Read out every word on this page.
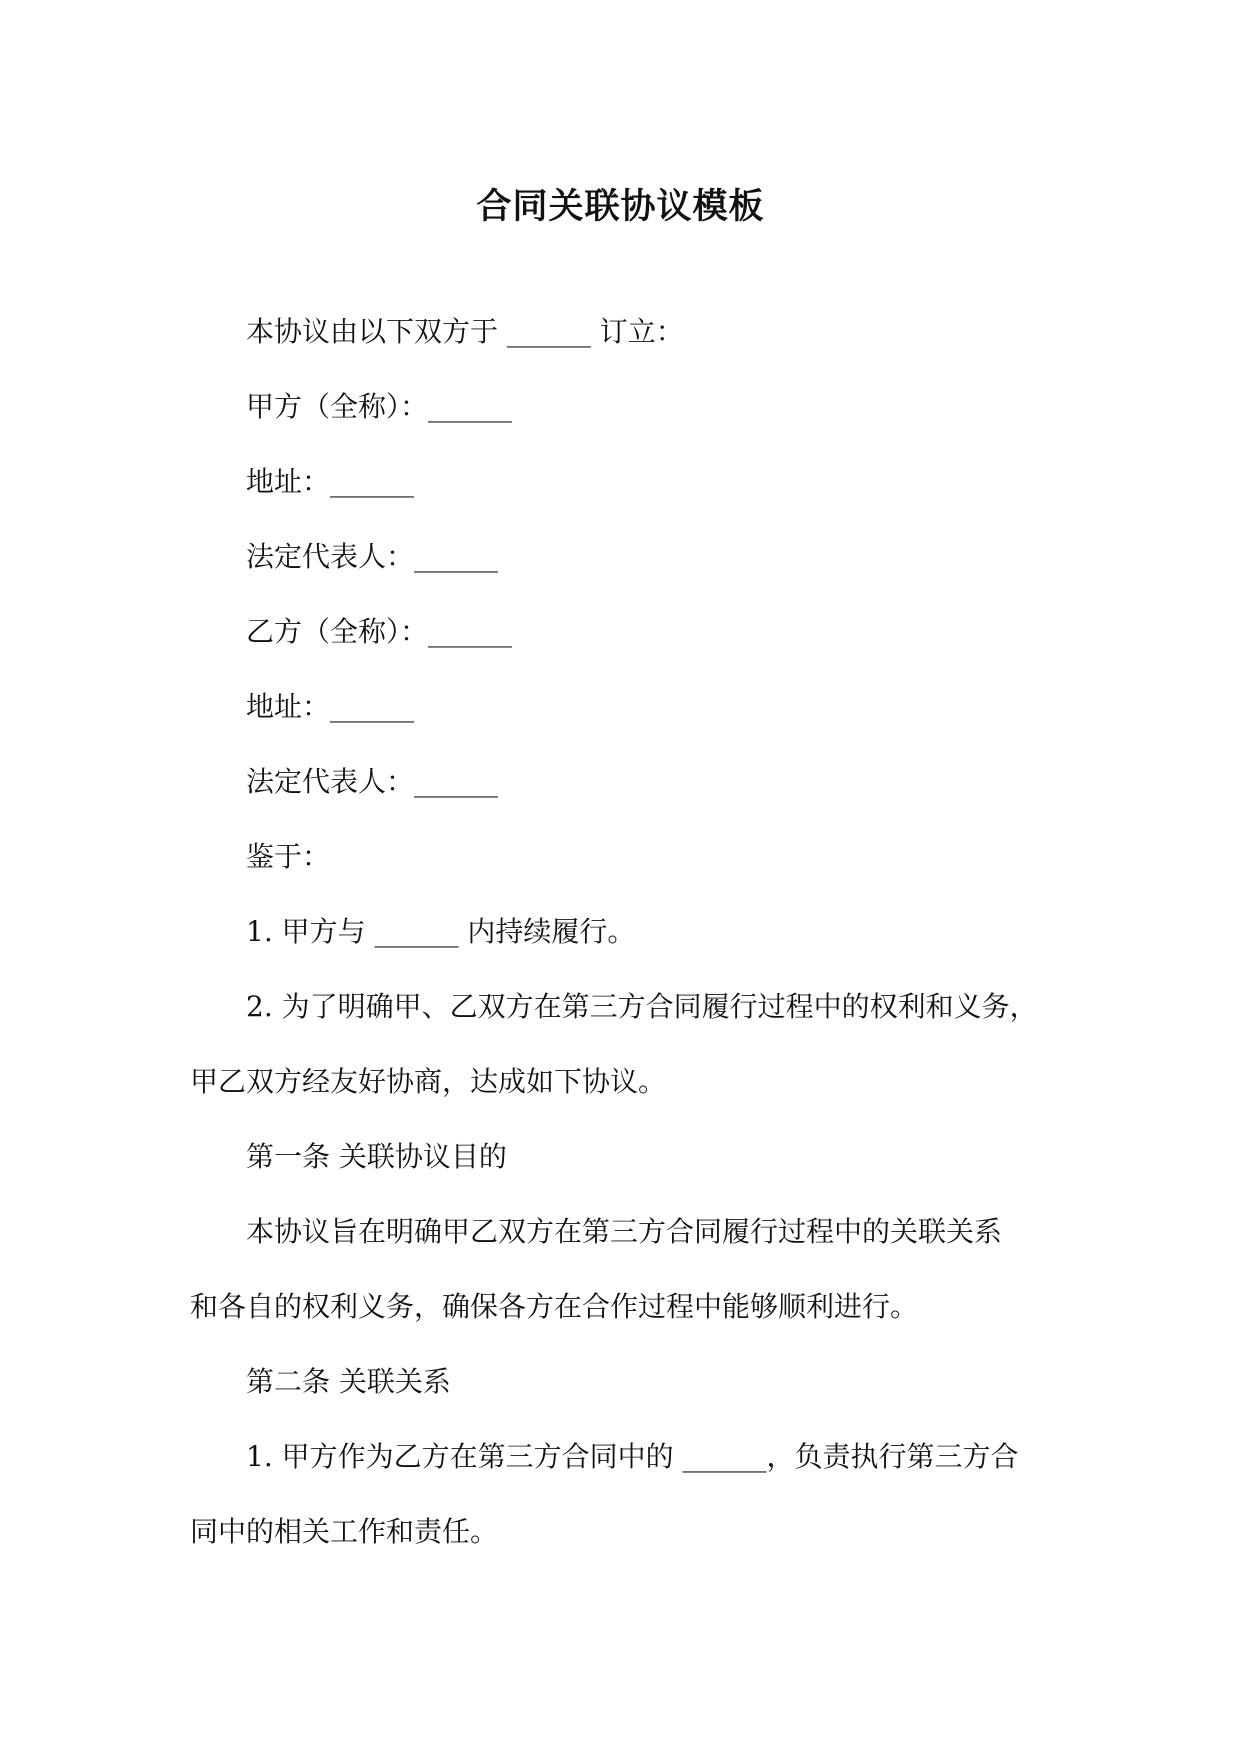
合同关联协议模板
本协议由以下双方于 ______ 订立：
甲方（全称）：______
地址：______
法定代表人：______
乙方（全称）：______
地址：______
法定代表人：______
鉴于：
1. 甲方与 ______ 内持续履行。
2. 为了明确甲、乙双方在第三方合同履行过程中的权利和义务，
甲乙双方经友好协商，达成如下协议。
第一条 关联协议目的
本协议旨在明确甲乙双方在第三方合同履行过程中的关联关系
和各自的权利义务，确保各方在合作过程中能够顺利进行。
第二条 关联关系
1. 甲方作为乙方在第三方合同中的 ______，负责执行第三方合
同中的相关工作和责任。
